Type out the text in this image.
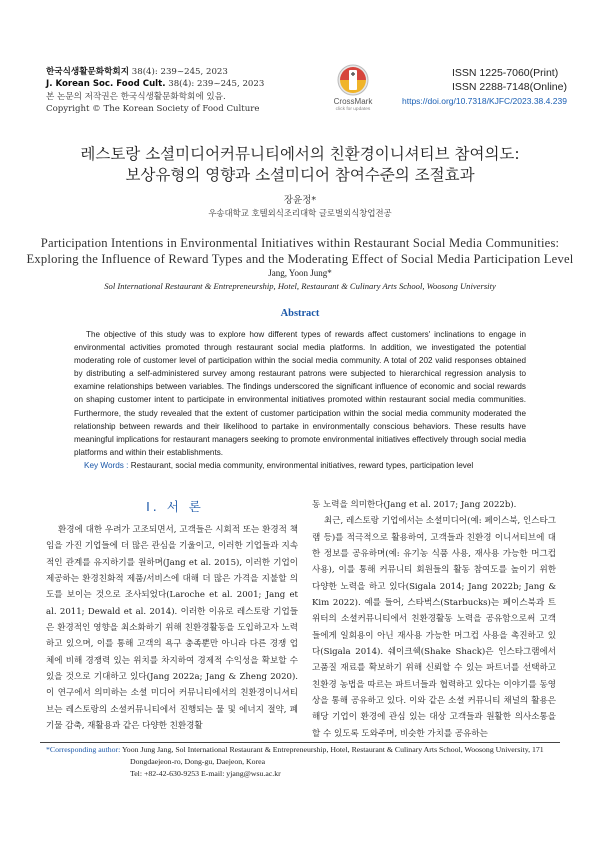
한국식생활문화학회지 38(4): 239~245, 2023
J. Korean Soc. Food Cult. 38(4): 239~245, 2023
본 논문의 저작권은 한국식생활문화학회에 있음.
Copyright © The Korean Society of Food Culture
CrossMark
click for updates
ISSN 1225-7060(Print)
ISSN 2288-7148(Online)
https://doi.org/10.7318/KJFC/2023.38.4.239
레스토랑 소셜미디어커뮤니티에서의 친환경이니셔티브 참여의도:
보상유형의 영향과 소셜미디어 참여수준의 조절효과
장윤정*
우송대학교 호텔외식조리대학 글로벌외식창업전공
Participation Intentions in Environmental Initiatives within Restaurant Social Media Communities:
Exploring the Influence of Reward Types and the Moderating Effect of Social Media Participation Level
Jang, Yoon Jung*
Sol International Restaurant & Entrepreneurship, Hotel, Restaurant & Culinary Arts School, Woosong University
Abstract
The objective of this study was to explore how different types of rewards affect customers' inclinations to engage in environmental activities promoted through restaurant social media platforms. In addition, we investigated the potential moderating role of customer level of participation within the social media community. A total of 202 valid responses obtained by distributing a self-administered survey among restaurant patrons were subjected to hierarchical regression analysis to examine relationships between variables. The findings underscored the significant influence of economic and social rewards on shaping customer intent to participate in environmental initiatives promoted within restaurant social media communities. Furthermore, the study revealed that the extent of customer participation within the social media community moderated the relationship between rewards and their likelihood to partake in environmentally conscious behaviors. These results have meaningful implications for restaurant managers seeking to promote environmental initiatives effectively through social media platforms and within their establishments.
Key Words : Restaurant, social media community, environmental initiatives, reward types, participation level
Ⅰ. 서 론

환경에 대한 우려가 고조되면서, 고객들은 시회적 또는 환경적 책임을 가진 기업들에 더 많은 관심을 기울이고, 이러한 기업들과 지속적인 관계를 유지하기를 원하며(Jang et al. 2015), 이러한 기업이 제공하는 환경친화적 제품/서비스에 대해 더 많은 가격을 지불할 의도를 보이는 것으로 조사되었다(Laroche et al. 2001; Jang et al. 2011; Dewald et al. 2014). 이러한 이유로 레스토랑 기업들은 환경적인 영향을 최소화하기 위해 친환경활동을 도입하고자 노력하고 있으며, 이를 통해 고객의 욕구 충족뿐만 아니라 다른 경쟁 업체에 비해 경쟁력 있는 위치를 차지하여 경제적 수익성을 확보할 수 있을 것으로 기대하고 있다(Jang 2022a; Jang & Zheng 2020). 이 연구에서 의미하는 소셜 미디어 커뮤니티에서의 친환경이니셔티브는 레스토랑의 소셜커뮤니티에서 진행되는 물 및 에너지 절약, 폐기물 감축, 재활용과 같은 다양한 친환경활

동 노력을 의미한다(Jang et al. 2017; Jang 2022b).

최근, 레스토랑 기업에서는 소셜미디어(예: 페이스북, 인스타그램 등)를 적극적으로 활용하여, 고객들과 친환경 이니셔티브에 대한 정보를 공유하며(예: 유기농 식품 사용, 재사용 가능한 머그컵 사용), 이를 통해 커뮤니티 회원들의 활동 참여도를 높이기 위한 다양한 노력을 하고 있다(Sigala 2014; Jang 2022b; Jang & Kim 2022). 예를 들어, 스타벅스(Starbucks)는 페이스북과 트위터의 소셜커뮤니티에서 친환경활동 노력을 공유함으로써 고객들에게 일회용이 아닌 재사용 가능한 머그컵 사용을 촉진하고 있다(Sigala 2014). 쉐이크쉑(Shake Shack)은 인스타그램에서 고품질 재료를 확보하기 위해 신뢰할 수 있는 파트너를 선택하고 친환경 농법을 따르는 파트너들과 협력하고 있다는 이야기를 동영상을 통해 공유하고 있다. 이와 같은 소셜 커뮤니티 채널의 활용은 해당 기업이 환경에 관심 있는 대상 고객들과 원활한 의사소통을 할 수 있도록 도와주며, 비슷한 가치를 공유하는

*Corresponding author: Yoon Jung Jang, Sol International Restaurant & Entrepreneurship, Hotel, Restaurant & Culinary Arts School, Woosong University, 171
Dongdaejeon-ro, Dong-gu, Daejeon, Korea
Tel: +82-42-630-9253 E-mail: yjang@wsu.ac.kr
